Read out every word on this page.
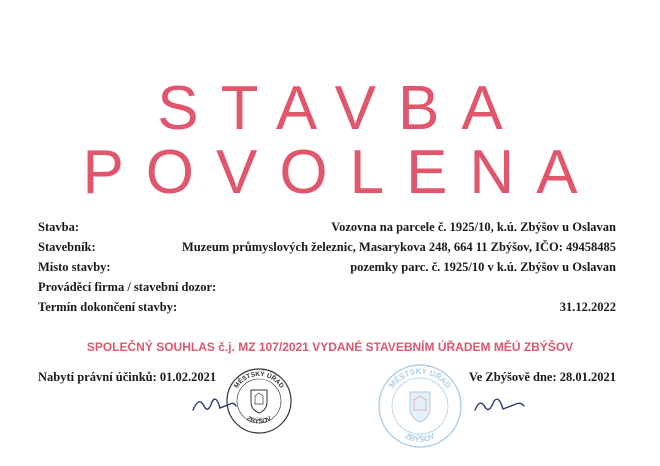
STAVBA
POVOLENA
Stavba:	Vozovna na parcele č. 1925/10, k.ú. Zbýšov u Oslavan
Stavebník:	Muzeum průmyslových železnic, Masarykova 248, 664 11 Zbýšov, IČO: 49458485
Místo stavby:	pozemky parc. č. 1925/10 v k.ú. Zbýšov u Oslavan
Prováděcí firma / stavební dozor:
Termín dokončení stavby:	31.12.2022
SPOLEČNÝ SOUHLAS č.j. MZ 107/2021 VYDANÉ STAVEBNÍM ÚŘADEM MĚÚ ZBÝŠOV
Nabytí právní účinků: 01.02.2021	Ve Zbýšově dne: 28.01.2021
MĚSTSKÝ ÚŘAD
ZBÝŠOV
MĚSTSKÝ ÚŘAD
ZBÝŠOV
